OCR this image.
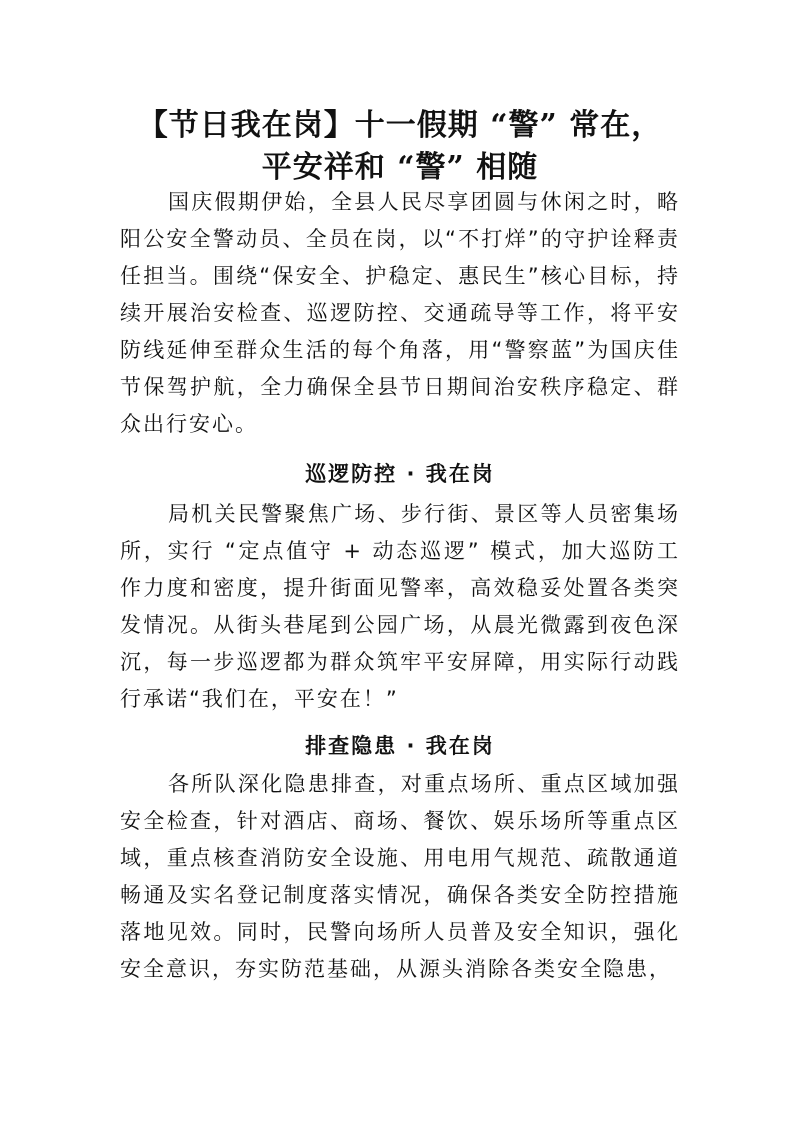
【节日我在岗】十一假期 “警” 常在，
平安祥和 “警” 相随

国庆假期伊始，全县人民尽享团圆与休闲之时，略阳公安全警动员、全员在岗，以“不打烊”的守护诠释责任担当。围绕“保安全、护稳定、惠民生”核心目标，持续开展治安检查、巡逻防控、交通疏导等工作，将平安防线延伸至群众生活的每个角落，用“警察蓝”为国庆佳节保驾护航，全力确保全县节日期间治安秩序稳定、群众出行安心。

巡逻防控 · 我在岗

局机关民警聚焦广场、步行街、景区等人员密集场所，实行 “定点值守 + 动态巡逻” 模式，加大巡防工作力度和密度，提升街面见警率，高效稳妥处置各类突发情况。从街头巷尾到公园广场，从晨光微露到夜色深沉，每一步巡逻都为群众筑牢平安屏障，用实际行动践行承诺“我们在，平安在！”

排查隐患 · 我在岗

各所队深化隐患排查，对重点场所、重点区域加强安全检查，针对酒店、商场、餐饮、娱乐场所等重点区域，重点核查消防安全设施、用电用气规范、疏散通道畅通及实名登记制度落实情况，确保各类安全防控措施落地见效。同时，民警向场所人员普及安全知识，强化安全意识，夯实防范基础，从源头消除各类安全隐患，
